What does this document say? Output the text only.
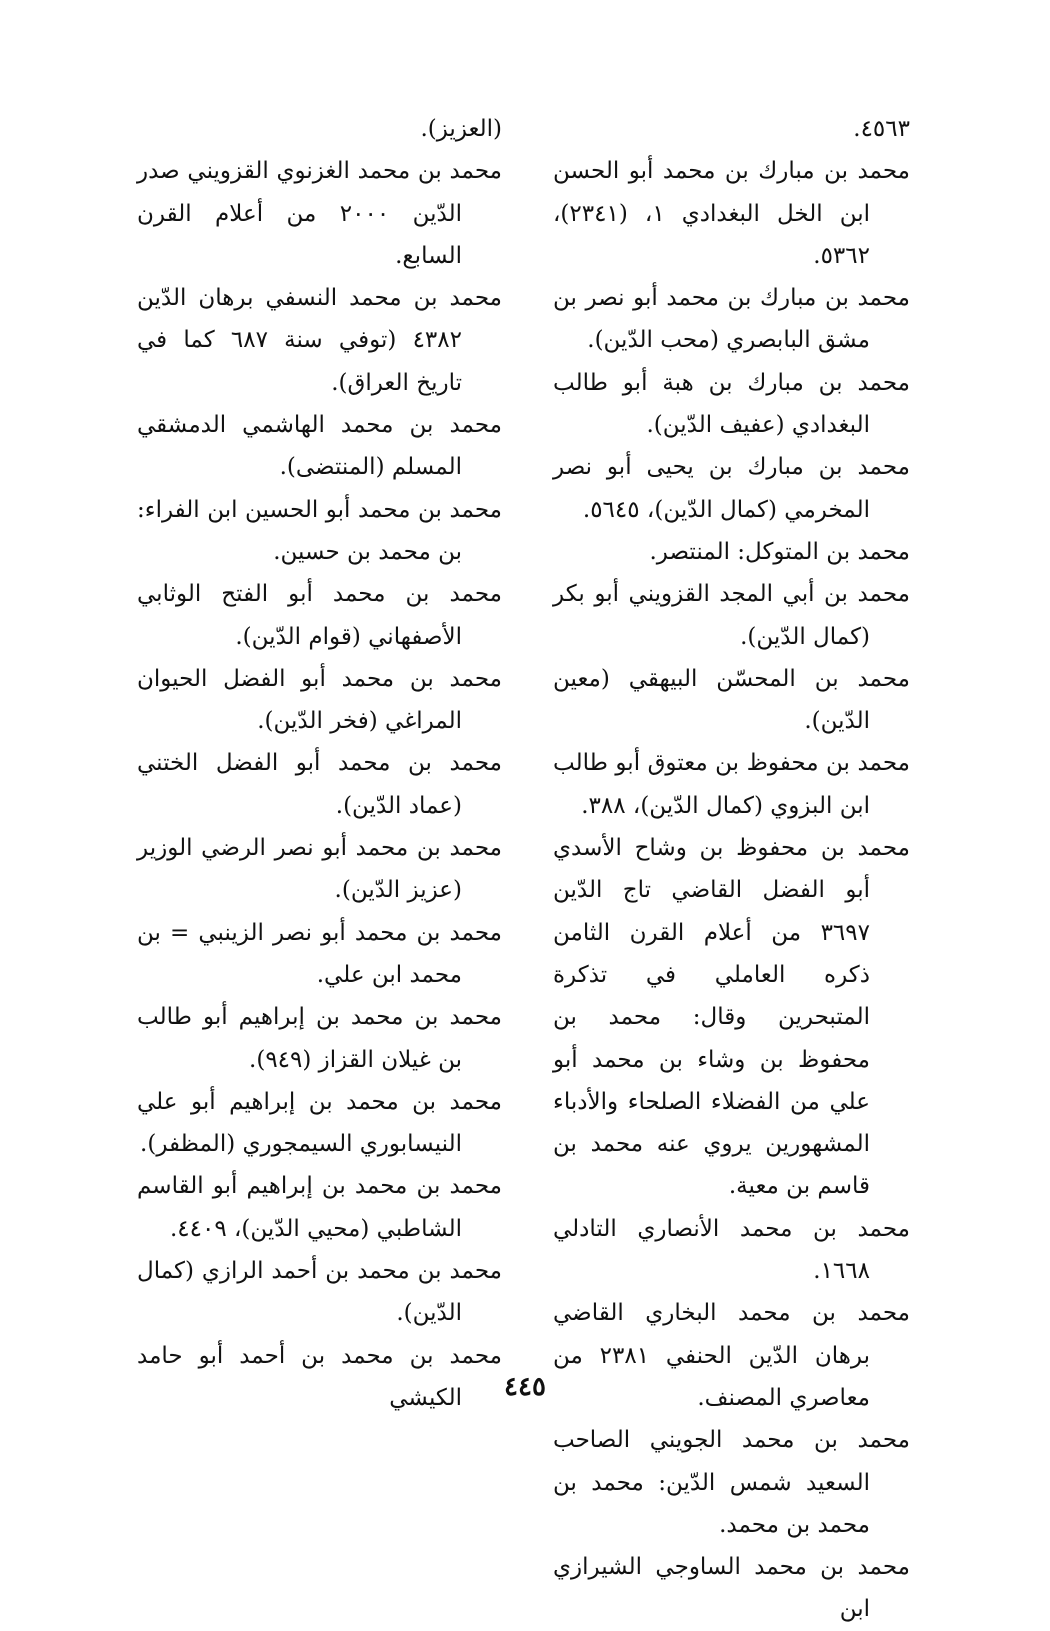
٤٥٦٣.

محمد بن مبارك بن محمد أبو الحسن ابن الخل البغدادي ١، (٢٣٤١)، ٥٣٦٢.

محمد بن مبارك بن محمد أبو نصر بن مشق البابصري (محب الدّين).

محمد بن مبارك بن هبة أبو طالب البغدادي (عفيف الدّين).

محمد بن مبارك بن يحيى أبو نصر المخرمي (كمال الدّين)، ٥٦٤٥.

محمد بن المتوكل: المنتصر.

محمد بن أبي المجد القزويني أبو بكر (كمال الدّين).

محمد بن المحسّن البيهقي (معين الدّين).

محمد بن محفوظ بن معتوق أبو طالب ابن البزوي (كمال الدّين)، ٣٨٨.

محمد بن محفوظ بن وشاح الأسدي أبو الفضل القاضي تاج الدّين ٣٦٩٧ من أعلام القرن الثامن ذكره العاملي في تذكرة المتبحرين وقال: محمد بن محفوظ بن وشاء بن محمد أبو علي من الفضلاء الصلحاء والأدباء المشهورين يروي عنه محمد بن قاسم بن معية.

محمد بن محمد الأنصاري التادلي ١٦٦٨.

محمد بن محمد البخاري القاضي برهان الدّين الحنفي ٢٣٨١ من معاصري المصنف.

محمد بن محمد الجويني الصاحب السعيد شمس الدّين: محمد بن محمد بن محمد.

محمد بن محمد الساوجي الشيرازي ابن

(العزيز).

محمد بن محمد الغزنوي القزويني صدر الدّين ٢٠٠٠ من أعلام القرن السابع.

محمد بن محمد النسفي برهان الدّين ٤٣٨٢ (توفي سنة ٦٨٧ كما في تاريخ العراق).

محمد بن محمد الهاشمي الدمشقي المسلم (المنتضى).

محمد بن محمد أبو الحسين ابن الفراء: بن محمد بن حسين.

محمد بن محمد أبو الفتح الوثابي الأصفهاني (قوام الدّين).

محمد بن محمد أبو الفضل الحيوان المراغي (فخر الدّين).

محمد بن محمد أبو الفضل الختني (عماد الدّين).

محمد بن محمد أبو نصر الرضي الوزير (عزيز الدّين).

محمد بن محمد أبو نصر الزينبي = بن محمد ابن علي.

محمد بن محمد بن إبراهيم أبو طالب بن غيلان القزاز (٩٤٩).

محمد بن محمد بن إبراهيم أبو علي النيسابوري السيمجوري (المظفر).

محمد بن محمد بن إبراهيم أبو القاسم الشاطبي (محيي الدّين)، ٤٤٠٩.

محمد بن محمد بن أحمد الرازي (كمال الدّين).

محمد بن محمد بن أحمد أبو حامد الكيشي	٤٤٥
